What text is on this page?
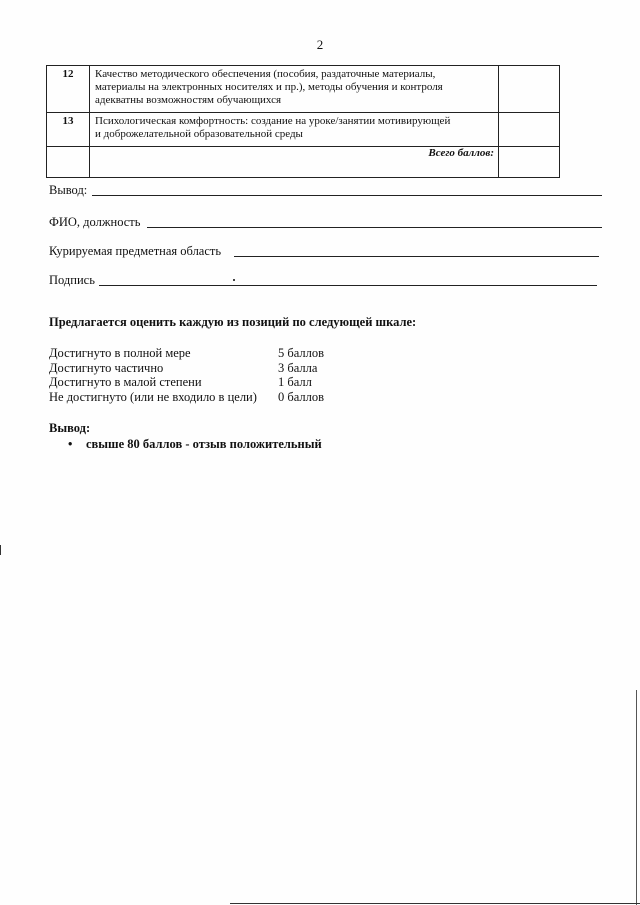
2
12	Качество методического обеспечения (пособия, раздаточные материалы,
материалы на электронных носителях и пр.), методы обучения и контроля
адекватны возможностям обучающихся	

13	Психологическая комфортность: создание на уроке/занятии мотивирующей
и доброжелательной образовательной среды	

	Всего баллов:	
Вывод:
ФИО, должность
Курируемая предметная область
Подпись
Предлагается оценить каждую из позиций по следующей шкале:
Достигнуто в полной мере	5 баллов
Достигнуто частично	3 балла
Достигнуто в малой степени	1 балл
Не достигнуто (или не входило в цели)	0 баллов
Вывод:
• свыше 80 баллов - отзыв положительный
